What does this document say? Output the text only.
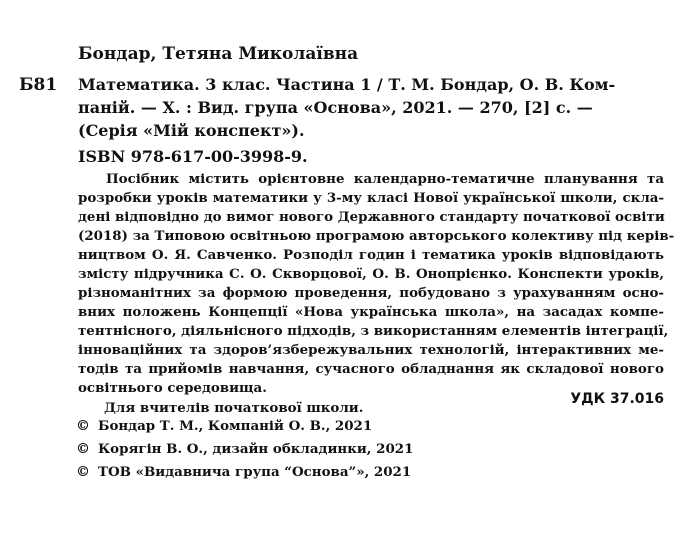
Бондар, Тетяна Миколаївна
Б81 Математика. 3 клас. Частина 1 / Т. М. Бондар, О. В. Ком-
паній. — Х. : Вид. група «Основа», 2021. — 270, [2] с. —
(Серія «Мій конспект»).
ISBN 978-617-00-3998-9.
Посібник містить орієнтовне календарно-тематичне планування та
розробки уроків математики у 3-му класі Нової української школи, скла-
дені відповідно до вимог нового Державного стандарту початкової освіти
(2018) за Типовою освітньою програмою авторського колективу під керів-
ництвом О. Я. Савченко. Розподіл годин і тематика уроків відповідають
змісту підручника С. О. Скворцової, О. В. Онопрієнко. Конспекти уроків,
різноманітних за формою проведення, побудовано з урахуванням осно-
вних положень Концепції «Нова українська школа», на засадах компе-
тентнісного, діяльнісного підходів, з використанням елементів інтеграції,
інноваційних та здоров’язбережувальних технологій, інтерактивних ме-
тодів та прийомів навчання, сучасного обладнання як складової нового
освітнього середовища.
Для вчителів початкової школи.
УДК 37.016
© Бондар Т. М., Компаній О. В., 2021
© Корягін В. О., дизайн обкладинки, 2021
© ТОВ «Видавнича група “Основа”», 2021
